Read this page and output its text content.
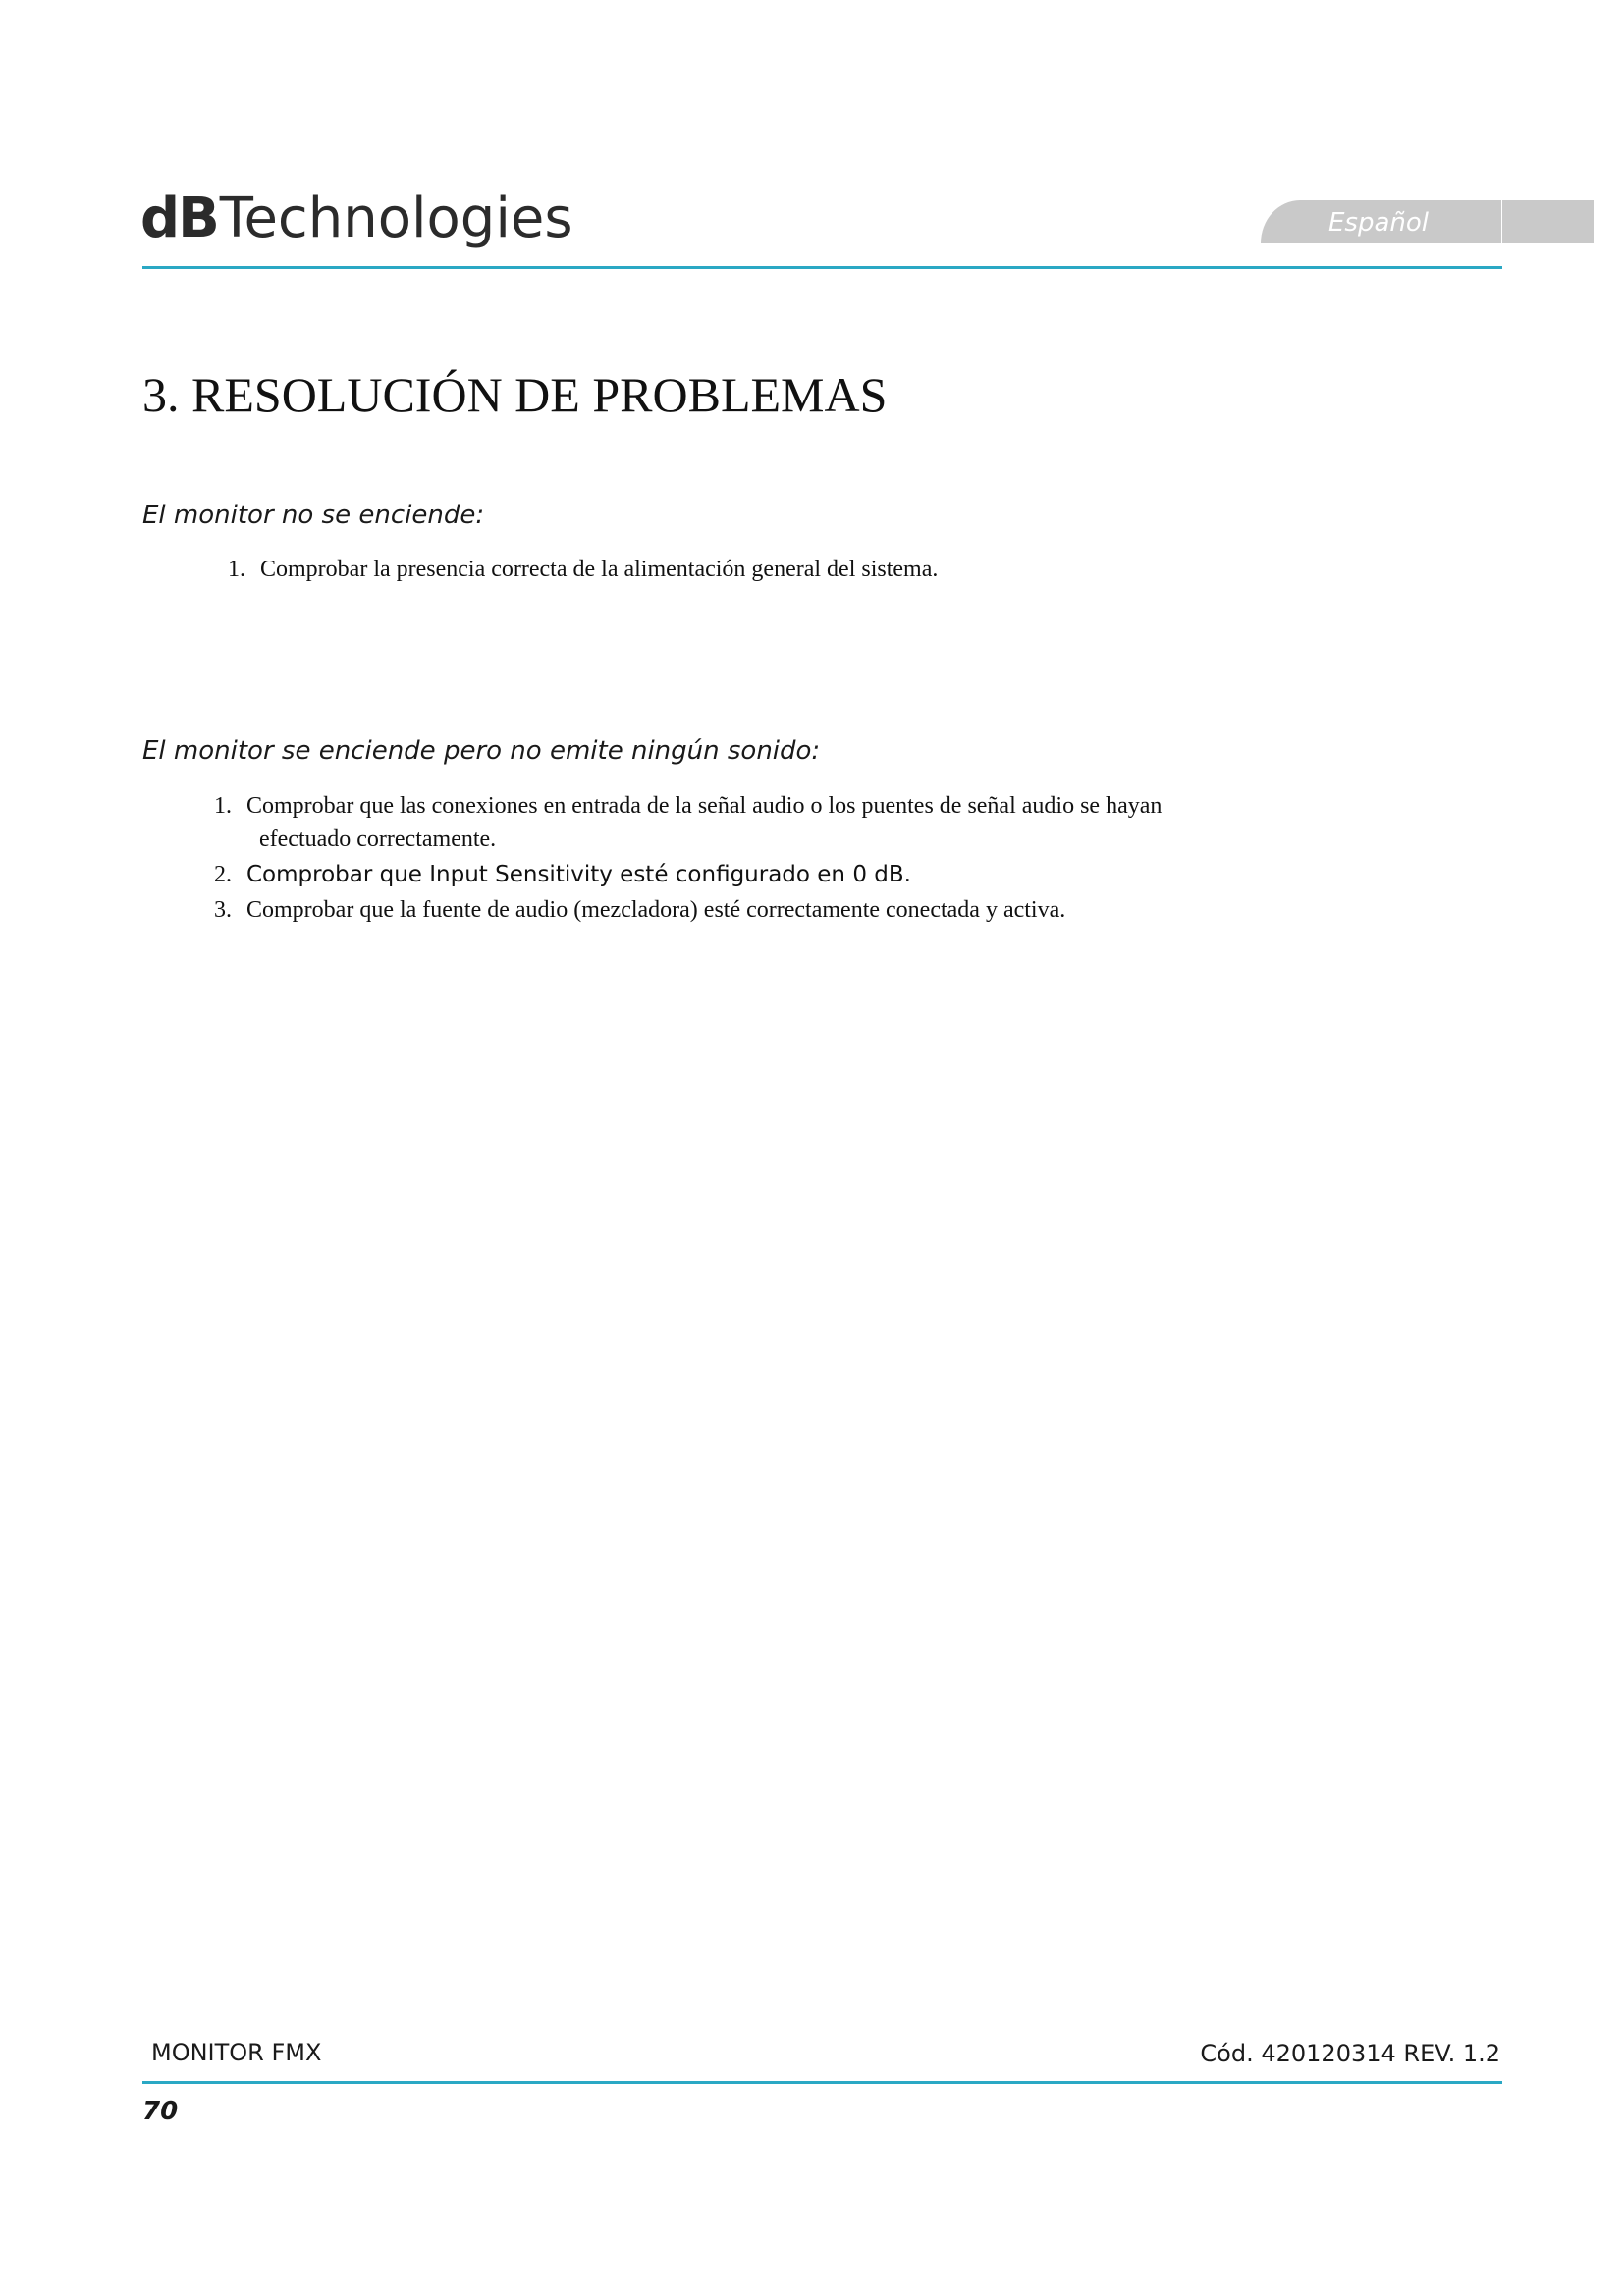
dBTechnologies	Español
3. RESOLUCIÓN DE PROBLEMAS
El monitor no se enciende:
1. Comprobar la presencia correcta de la alimentación general del sistema.
El monitor se enciende pero no emite ningún sonido:
1. Comprobar que las conexiones en entrada de la señal audio o los puentes de señal audio se hayan
efectuado correctamente.
2. Comprobar que Input Sensitivity esté configurado en 0 dB.
3. Comprobar que la fuente de audio (mezcladora) esté correctamente conectada y activa.
MONITOR FMX	Cód. 420120314 REV. 1.2
70
